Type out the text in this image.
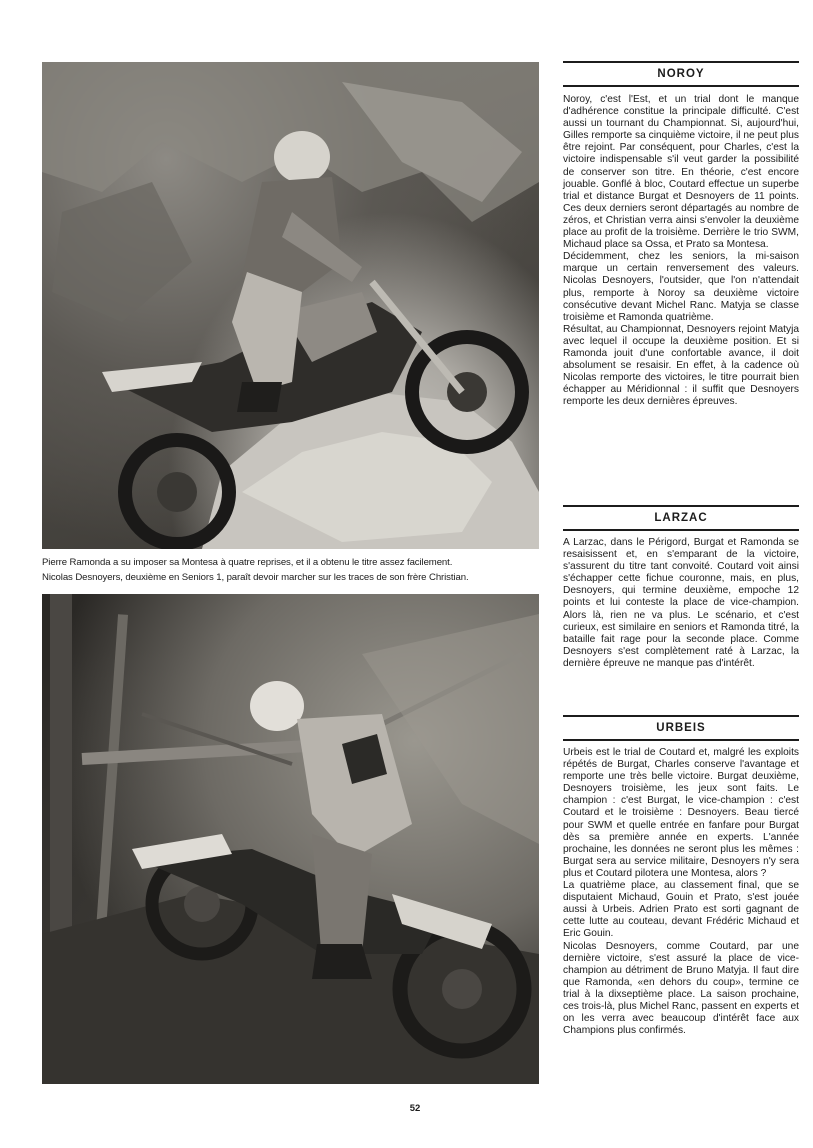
Pierre Ramonda a su imposer sa Montesa à quatre reprises, et il a obtenu le titre assez facilement.
Nicolas Desnoyers, deuxième en Seniors 1, paraît devoir marcher sur les traces de son frère Christian.
NOROY

Noroy, c'est l'Est, et un trial dont le manque d'adhérence constitue la principale difficulté. C'est aussi un tournant du Championnat. Si, aujourd'hui, Gilles remporte sa cinquième victoire, il ne peut plus être rejoint. Par conséquent, pour Charles, c'est la victoire indispensable s'il veut garder la possibilité de conserver son titre. En théorie, c'est encore jouable. Gonflé à bloc, Coutard effectue un superbe trial et distance Burgat et Desnoyers de 11 points. Ces deux derniers seront départagés au nombre de zéros, et Christian verra ainsi s'envoler la deuxième place au profit de la troisième. Derrière le trio SWM, Michaud place sa Ossa, et Prato sa Montesa.

Décidemment, chez les seniors, la mi-saison marque un certain renversement des valeurs. Nicolas Desnoyers, l'outsider, que l'on n'attendait plus, remporte à Noroy sa deuxième victoire consécutive devant Michel Ranc. Matyja se classe troisième et Ramonda quatrième.

Résultat, au Championnat, Desnoyers rejoint Matyja avec lequel il occupe la deuxième position. Et si Ramonda jouit d'une confortable avance, il doit absolument se resaisir. En effet, à la cadence où Nicolas remporte des victoires, le titre pourrait bien échapper au Méridionnal : il suffit que Desnoyers remporte les deux dernières épreuves.

LARZAC

A Larzac, dans le Périgord, Burgat et Ramonda se resaisissent et, en s'emparant de la victoire, s'assurent du titre tant convoité. Coutard voit ainsi s'échapper cette fichue couronne, mais, en plus, Desnoyers, qui termine deuxième, empoche 12 points et lui conteste la place de vice-champion. Alors là, rien ne va plus. Le scénario, et c'est curieux, est similaire en seniors et Ramonda titré, la bataille fait rage pour la seconde place. Comme Desnoyers s'est complètement raté à Larzac, la dernière épreuve ne manque pas d'intérêt.

URBEIS

Urbeis est le trial de Coutard et, malgré les exploits répétés de Burgat, Charles conserve l'avantage et remporte une très belle victoire. Burgat deuxième, Desnoyers troisième, les jeux sont faits. Le champion : c'est Burgat, le vice-champion : c'est Coutard et le troisième : Desnoyers. Beau tiercé pour SWM et quelle entrée en fanfare pour Burgat dès sa première année en experts. L'année prochaine, les données ne seront plus les mêmes : Burgat sera au service militaire, Desnoyers n'y sera plus et Coutard pilotera une Montesa, alors ?

La quatrième place, au classement final, que se disputaient Michaud, Gouin et Prato, s'est jouée aussi à Urbeis. Adrien Prato est sorti gagnant de cette lutte au couteau, devant Frédéric Michaud et Eric Gouin.

Nicolas Desnoyers, comme Coutard, par une dernière victoire, s'est assuré la place de vice-champion au détriment de Bruno Matyja. Il faut dire que Ramonda, «en dehors du coup», termine ce trial à la dixseptième place. La saison prochaine, ces trois-là, plus Michel Ranc, passent en experts et on les verra avec beaucoup d'intérêt face aux Champions plus confirmés.

52
